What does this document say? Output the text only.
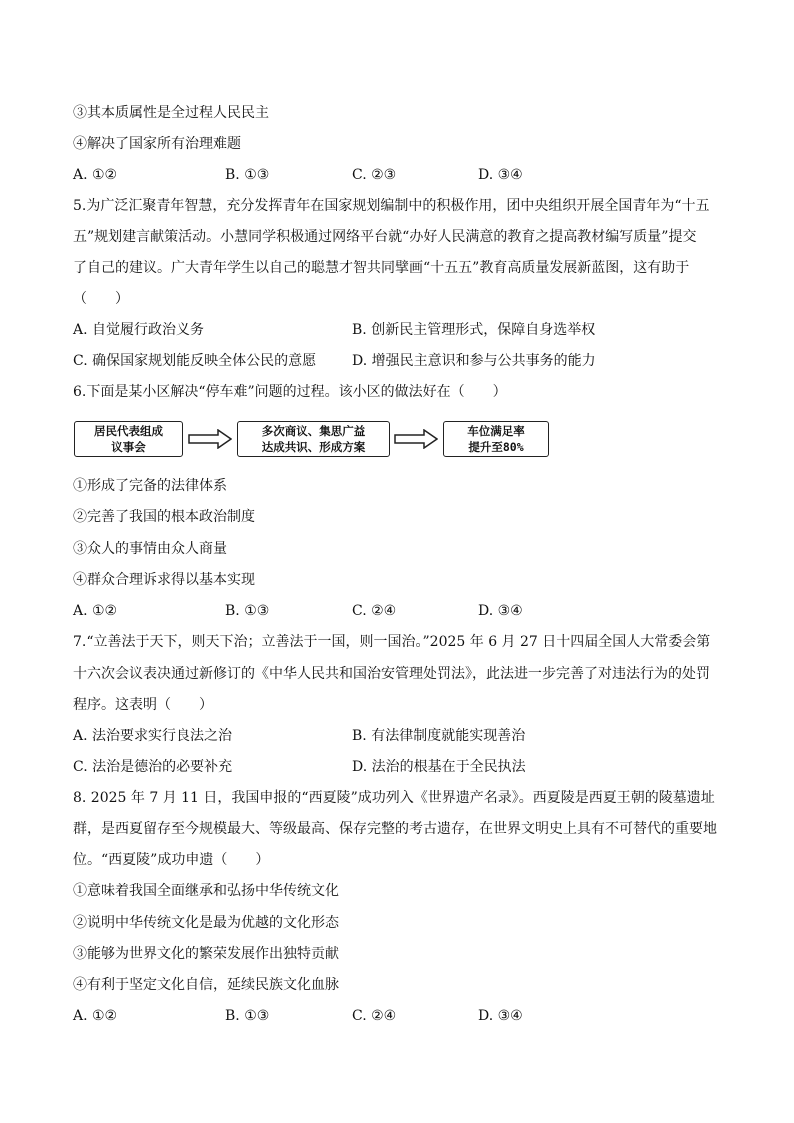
③其本质属性是全过程人民民主
④解决了国家所有治理难题
A. ①②	B. ①③	C. ②③	D. ③④
5.为广泛汇聚青年智慧，充分发挥青年在国家规划编制中的积极作用，团中央组织开展全国青年为“十五
五”规划建言献策活动。小慧同学积极通过网络平台就“办好人民满意的教育之提高教材编写质量”提交
了自己的建议。广大青年学生以自己的聪慧才智共同擘画“十五五”教育高质量发展新蓝图，这有助于
（　　）
A. 自觉履行政治义务	B. 创新民主管理形式，保障自身选举权
C. 确保国家规划能反映全体公民的意愿	D. 增强民主意识和参与公共事务的能力
6.下面是某小区解决“停车难”问题的过程。该小区的做法好在（　　）
居民代表组成
议事会
多次商议、集思广益
达成共识、形成方案
车位满足率
提升至80%
①形成了完备的法律体系
②完善了我国的根本政治制度
③众人的事情由众人商量
④群众合理诉求得以基本实现
A. ①②	B. ①③	C. ②④	D. ③④
7.“立善法于天下，则天下治；立善法于一国，则一国治。”2025 年 6 月 27 日十四届全国人大常委会第
十六次会议表决通过新修订的《中华人民共和国治安管理处罚法》，此法进一步完善了对违法行为的处罚
程序。这表明（　　）
A. 法治要求实行良法之治	B. 有法律制度就能实现善治
C. 法治是德治的必要补充	D. 法治的根基在于全民执法
8. 2025 年 7 月 11 日，我国申报的“西夏陵”成功列入《世界遗产名录》。西夏陵是西夏王朝的陵墓遗址
群，是西夏留存至今规模最大、等级最高、保存完整的考古遗存，在世界文明史上具有不可替代的重要地
位。“西夏陵”成功申遗（　　）
①意味着我国全面继承和弘扬中华传统文化
②说明中华传统文化是最为优越的文化形态
③能够为世界文化的繁荣发展作出独特贡献
④有利于坚定文化自信，延续民族文化血脉
A. ①②	B. ①③	C. ②④	D. ③④
